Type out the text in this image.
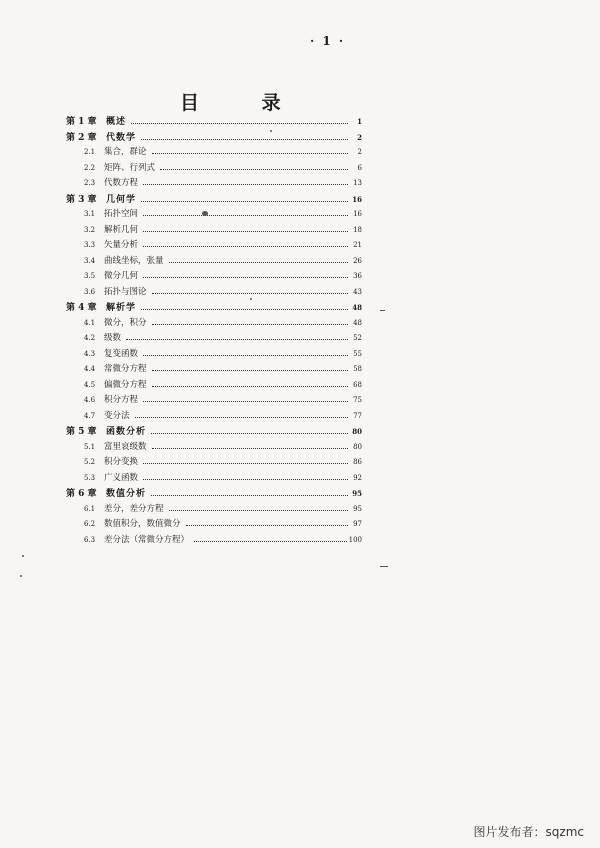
· 1 ·
目 录
第 1 章	概述	1
第 2 章	代数学	2
2.1	集合，群论	2
2.2	矩阵、行列式	6
2.3	代数方程	13
第 3 章	几何学	16
3.1	拓扑空间	16
3.2	解析几何	18
3.3	矢量分析	21
3.4	曲线坐标，张量	26
3.5	微分几何	36
3.6	拓扑与图论	43
第 4 章	解析学	48
4.1	微分，积分	48
4.2	级数	52
4.3	复变函数	55
4.4	常微分方程	58
4.5	偏微分方程	68
4.6	积分方程	75
4.7	变分法	77
第 5 章	函数分析	80
5.1	富里哀级数	80
5.2	积分变换	86
5.3	广义函数	92
第 6 章	数值分析	95
6.1	差分，差分方程	95
6.2	数值积分，数值微分	97
6.3	差分法（常微分方程）	100
图片发布者：sqzmc
